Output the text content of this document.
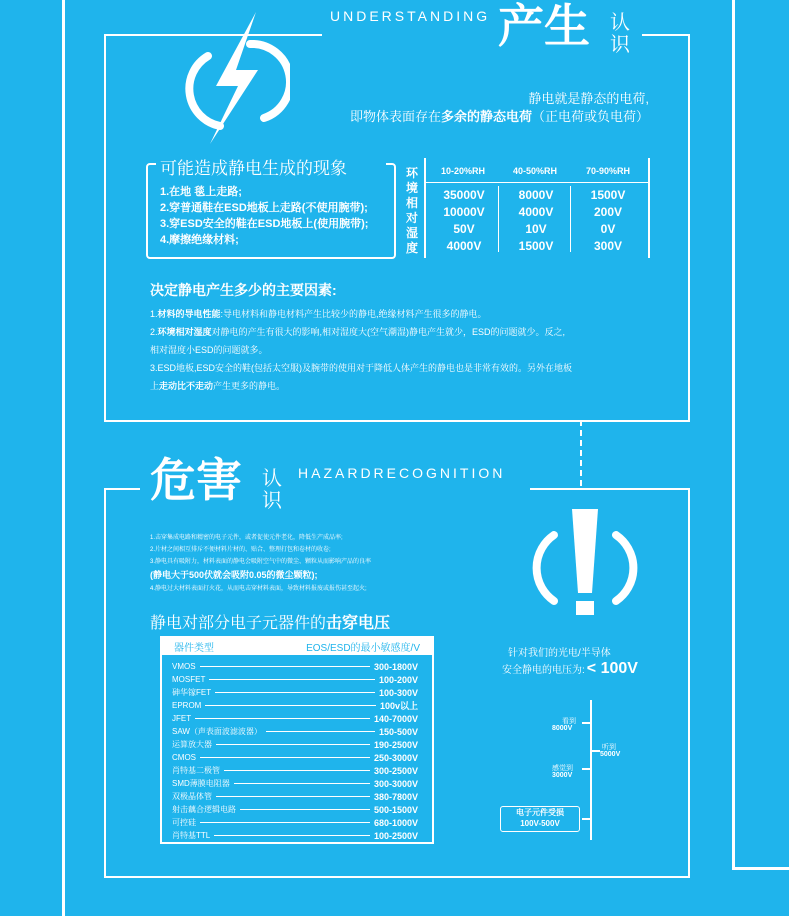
UNDERSTANDING 产生 认
识
静电就是静态的电荷,
即物体表面存在多余的静态电荷（正电荷或负电荷）
可能造成静电生成的现象
1.在地 毯上走路;
2.穿普通鞋在ESD地板上走路(不使用腕带);
3.穿ESD安全的鞋在ESD地板上(使用腕带);
4.摩擦绝缘材料;
环境相对湿度
10-20%RH	40-50%RH	70-90%RH
35000V	8000V	1500V
10000V	4000V	200V
50V	10V	0V
4000V	1500V	300V
决定静电产生多少的主要因素:
1.材料的导电性能:导电材料和静电材料产生比较少的静电,绝缘材料产生很多的静电。
2.环境相对湿度对静电的产生有很大的影响,相对湿度大(空气潮湿)静电产生就少，ESD的问题就少。反之,
相对湿度小ESD的问题就多。
3.ESD地板,ESD安全的鞋(包括太空服)及腕带的使用对于降低人体产生的静电也是非常有效的。另外在地板
上走动比不走动产生更多的静电。
危害 认
识
HAZARDRECOGNITION
1.击穿集成电路和精密的电子元件，或者促使元件老化，降低生产成品率;
2.片材之间相互排斥不便材料片材的、贴合、整理打包和卷材的收卷;
3.静电具有吸附力，材料表面的静电会吸附空气中的微尘、颗粒从而影响产品的良率
(静电大于500伏就会吸附0.05的微尘颗粒);
4.静电过大材料表面打火花，从而电击穿材料表面，导致材料报废或报伤甚至起火;
静电对部分电子元器件的击穿电压
器件类型	EOS/ESD的最小敏感度/V
VMOS	300-1800V
MOSFET	100-200V
砷华镓FET	100-300V
EPROM	100v以上
JFET	140-7000V
SAW（声表面波滤波器）	150-500V
运算放大器	190-2500V
CMOS	250-3000V
肖特基二极管	300-2500V
SMD薄膜电阻器	300-3000V
双极晶体管	380-7800V
射击藕合逻辑电路	500-1500V
可控硅	680-1000V
肖特基TTL	100-2500V
针对我们的光电/半导体
安全静电的电压为: < 100V
看到
8000V
听到
5000V
感觉到
3000V
电子元件受损
100V-500V
